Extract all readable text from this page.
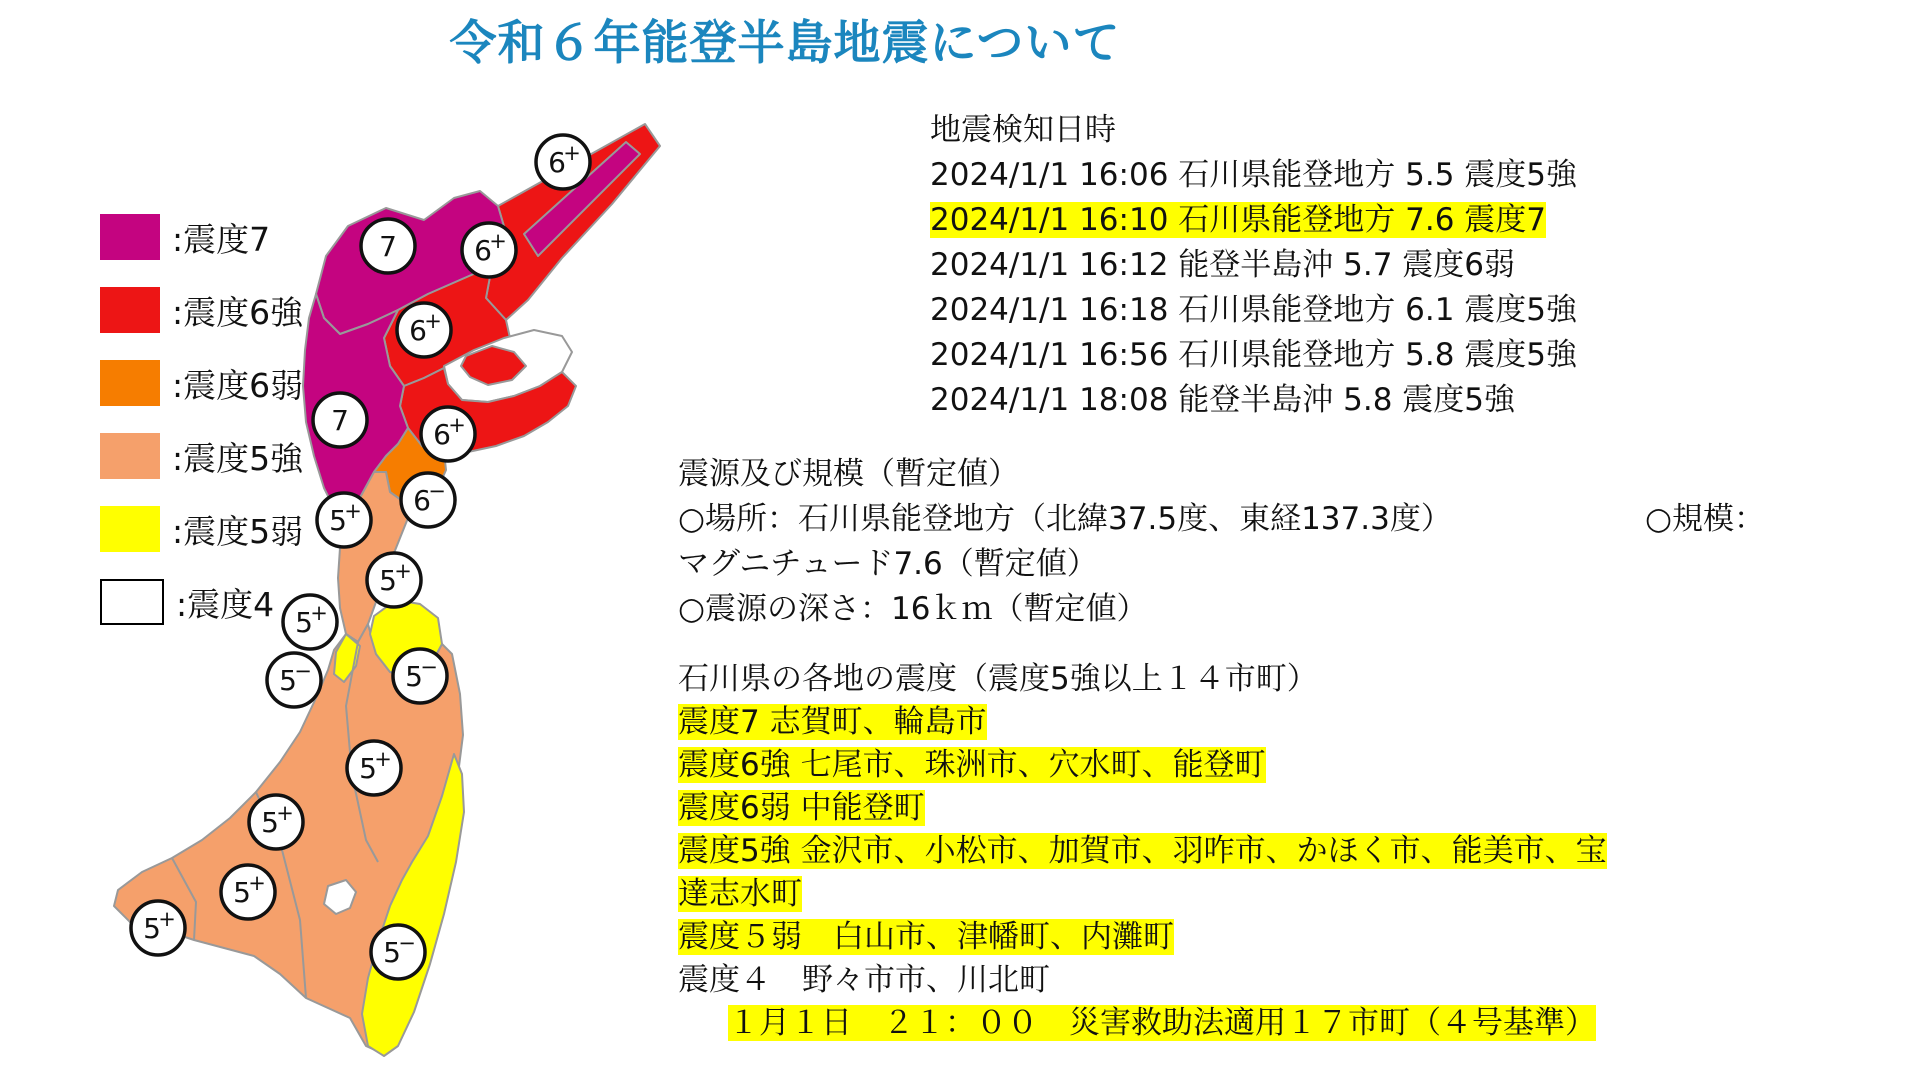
6
+
7	6
+
6
+
7	6
+
6
−
5
+
5
+
5
+
5
−	5
−
5
+
5
+
5
+
5
−
5
+
令和６年能登半島地震について
:震度7
:震度6強
:震度6弱
:震度5強
:震度5弱
:震度4
地震検知日時
2024/1/1 16:06 石川県能登地方 5.5 震度5強
2024/1/1 16:10 石川県能登地方 7.6 震度7
2024/1/1 16:12 能登半島沖 5.7 震度6弱
2024/1/1 16:18 石川県能登地方 6.1 震度5強
2024/1/1 16:56 石川県能登地方 5.8 震度5強
2024/1/1 18:08 能登半島沖 5.8 震度5強
震源及び規模（暫定値）
○場所：石川県能登地方（北緯37.5度、東経137.3度）
マグニチュード7.6（暫定値）
○震源の深さ：16ｋｍ（暫定値）
○規模：
石川県の各地の震度（震度5強以上１４市町）
震度7 志賀町、輪島市
震度6強 七尾市、珠洲市、穴水町、能登町
震度6弱 中能登町
震度5強 金沢市、小松市、加賀市、羽咋市、かほく市、能美市、宝
達志水町
震度５弱　白山市、津幡町、内灘町
震度４　野々市市、川北町
１月１日　２１：００　災害救助法適用１７市町（４号基準）
